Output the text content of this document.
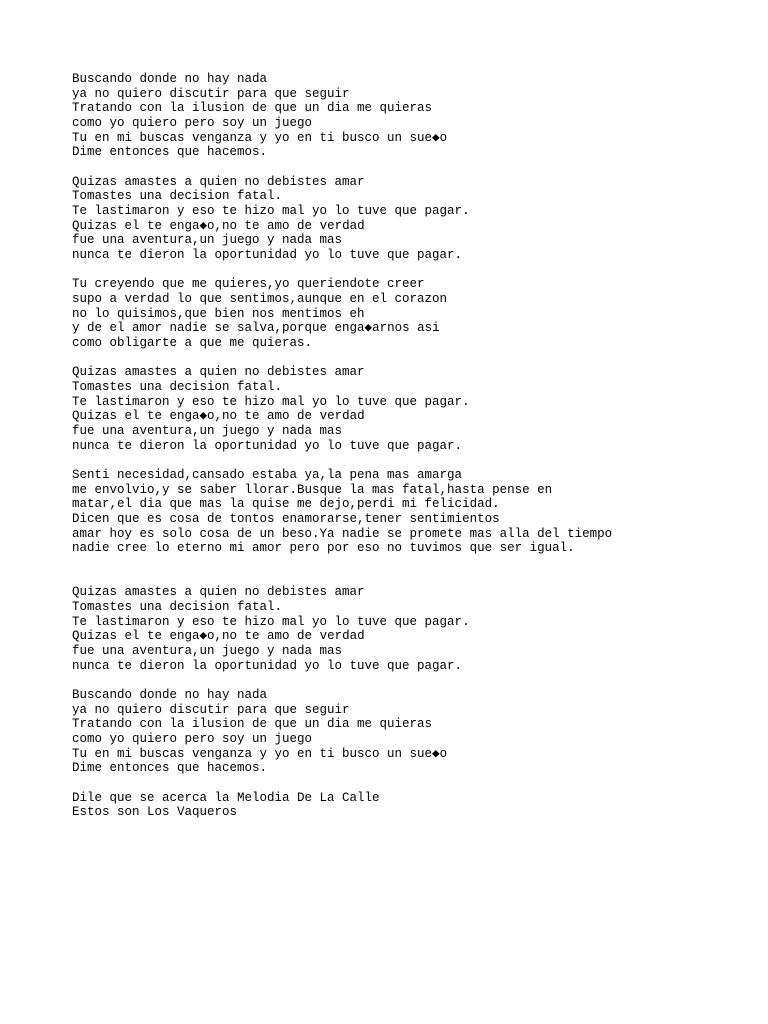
Buscando donde no hay nada
ya no quiero discutir para que seguir
Tratando con la ilusion de que un dia me quieras
como yo quiero pero soy un juego
Tu en mi buscas venganza y yo en ti busco un sue◆o
Dime entonces que hacemos.
Quizas amastes a quien no debistes amar
Tomastes una decision fatal.
Te lastimaron y eso te hizo mal yo lo tuve que pagar.
Quizas el te enga◆o,no te amo de verdad
fue una aventura,un juego y nada mas
nunca te dieron la oportunidad yo lo tuve que pagar.
Tu creyendo que me quieres,yo queriendote creer
supo a verdad lo que sentimos,aunque en el corazon
no lo quisimos,que bien nos mentimos eh
y de el amor nadie se salva,porque enga◆arnos asi
como obligarte a que me quieras.
Quizas amastes a quien no debistes amar
Tomastes una decision fatal.
Te lastimaron y eso te hizo mal yo lo tuve que pagar.
Quizas el te enga◆o,no te amo de verdad
fue una aventura,un juego y nada mas
nunca te dieron la oportunidad yo lo tuve que pagar.
Senti necesidad,cansado estaba ya,la pena mas amarga
me envolvio,y se saber llorar.Busque la mas fatal,hasta pense en
matar,el dia que mas la quise me dejo,perdi mi felicidad.
Dicen que es cosa de tontos enamorarse,tener sentimientos
amar hoy es solo cosa de un beso.Ya nadie se promete mas alla del tiempo
nadie cree lo eterno mi amor pero por eso no tuvimos que ser igual.
Quizas amastes a quien no debistes amar
Tomastes una decision fatal.
Te lastimaron y eso te hizo mal yo lo tuve que pagar.
Quizas el te enga◆o,no te amo de verdad
fue una aventura,un juego y nada mas
nunca te dieron la oportunidad yo lo tuve que pagar.
Buscando donde no hay nada
ya no quiero discutir para que seguir
Tratando con la ilusion de que un dia me quieras
como yo quiero pero soy un juego
Tu en mi buscas venganza y yo en ti busco un sue◆o
Dime entonces que hacemos.
Dile que se acerca la Melodia De La Calle
Estos son Los Vaqueros
